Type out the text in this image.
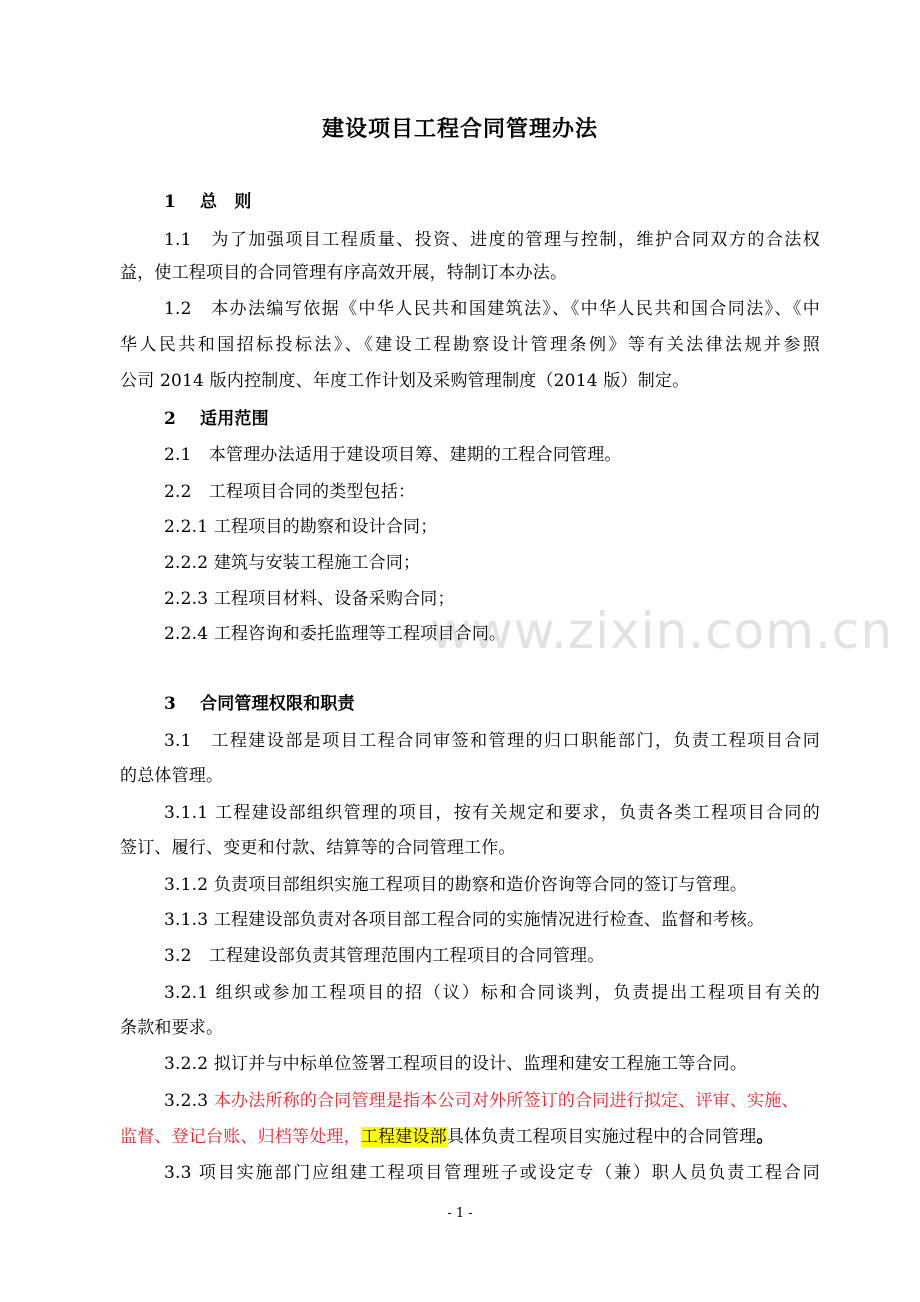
www.zixin.com.cn
建设项目工程合同管理办法
1 总　则
1.1　为了加强项目工程质量、投资、进度的管理与控制，维护合同双方的合法权
益，使工程项目的合同管理有序高效开展，特制订本办法。
1.2　本办法编写依据《中华人民共和国建筑法》、《中华人民共和国合同法》、《中
华人民共和国招标投标法》、《建设工程勘察设计管理条例》等有关法律法规并参照
公司 2014 版内控制度、年度工作计划及采购管理制度（2014 版）制定。
2 适用范围
2.1　本管理办法适用于建设项目筹、建期的工程合同管理。
2.2　工程项目合同的类型包括：
2.2.1 工程项目的勘察和设计合同；
2.2.2 建筑与安装工程施工合同；
2.2.3 工程项目材料、设备采购合同；
2.2.4 工程咨询和委托监理等工程项目合同。
3 合同管理权限和职责
3.1　工程建设部是项目工程合同审签和管理的归口职能部门，负责工程项目合同
的总体管理。
3.1.1 工程建设部组织管理的项目，按有关规定和要求，负责各类工程项目合同的
签订、履行、变更和付款、结算等的合同管理工作。
3.1.2 负责项目部组织实施工程项目的勘察和造价咨询等合同的签订与管理。
3.1.3 工程建设部负责对各项目部工程合同的实施情况进行检查、监督和考核。
3.2　工程建设部负责其管理范围内工程项目的合同管理。
3.2.1 组织或参加工程项目的招（议）标和合同谈判，负责提出工程项目有关的
条款和要求。
3.2.2 拟订并与中标单位签署工程项目的设计、监理和建安工程施工等合同。
3.2.3 本办法所称的合同管理是指本公司对外所签订的合同进行拟定、评审、实施、
监督、登记台账、归档等处理，工程建设部具体负责工程项目实施过程中的合同管理。
3.3 项目实施部门应组建工程项目管理班子或设定专（兼）职人员负责工程合同
- 1 -
